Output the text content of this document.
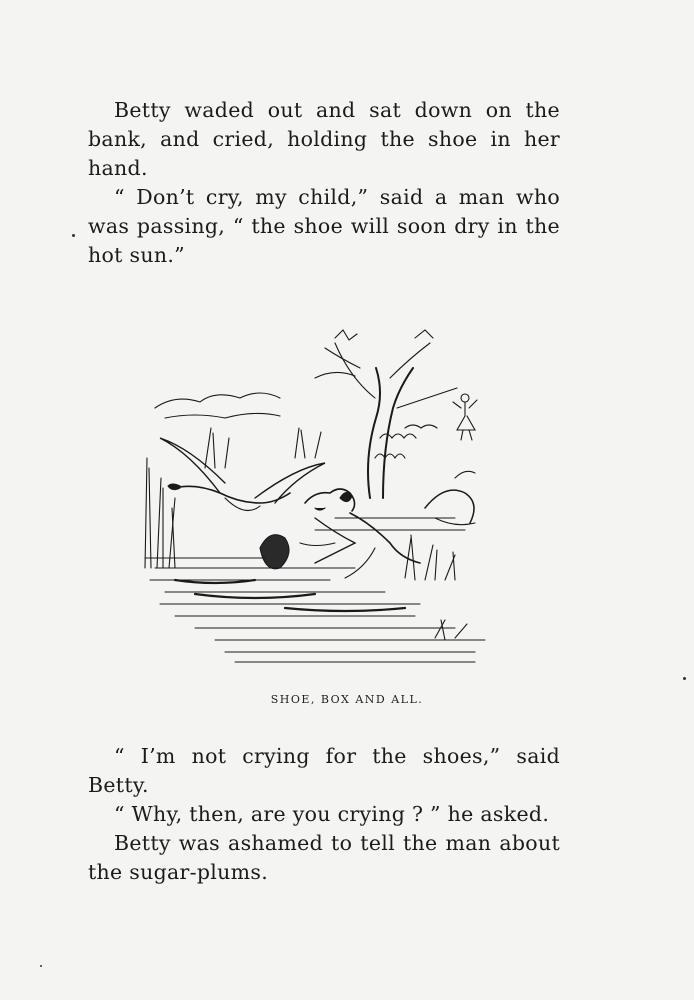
Betty waded out and sat down on the bank, and cried, holding the shoe in her hand.

“ Don’t cry, my child,” said a man who was passing, “ the shoe will soon dry in the hot sun.”

SHOE, BOX AND ALL.

“ I’m not crying for the shoes,” said Betty.

“ Why, then, are you crying ? ” he asked.

Betty was ashamed to tell the man about the sugar-plums.
